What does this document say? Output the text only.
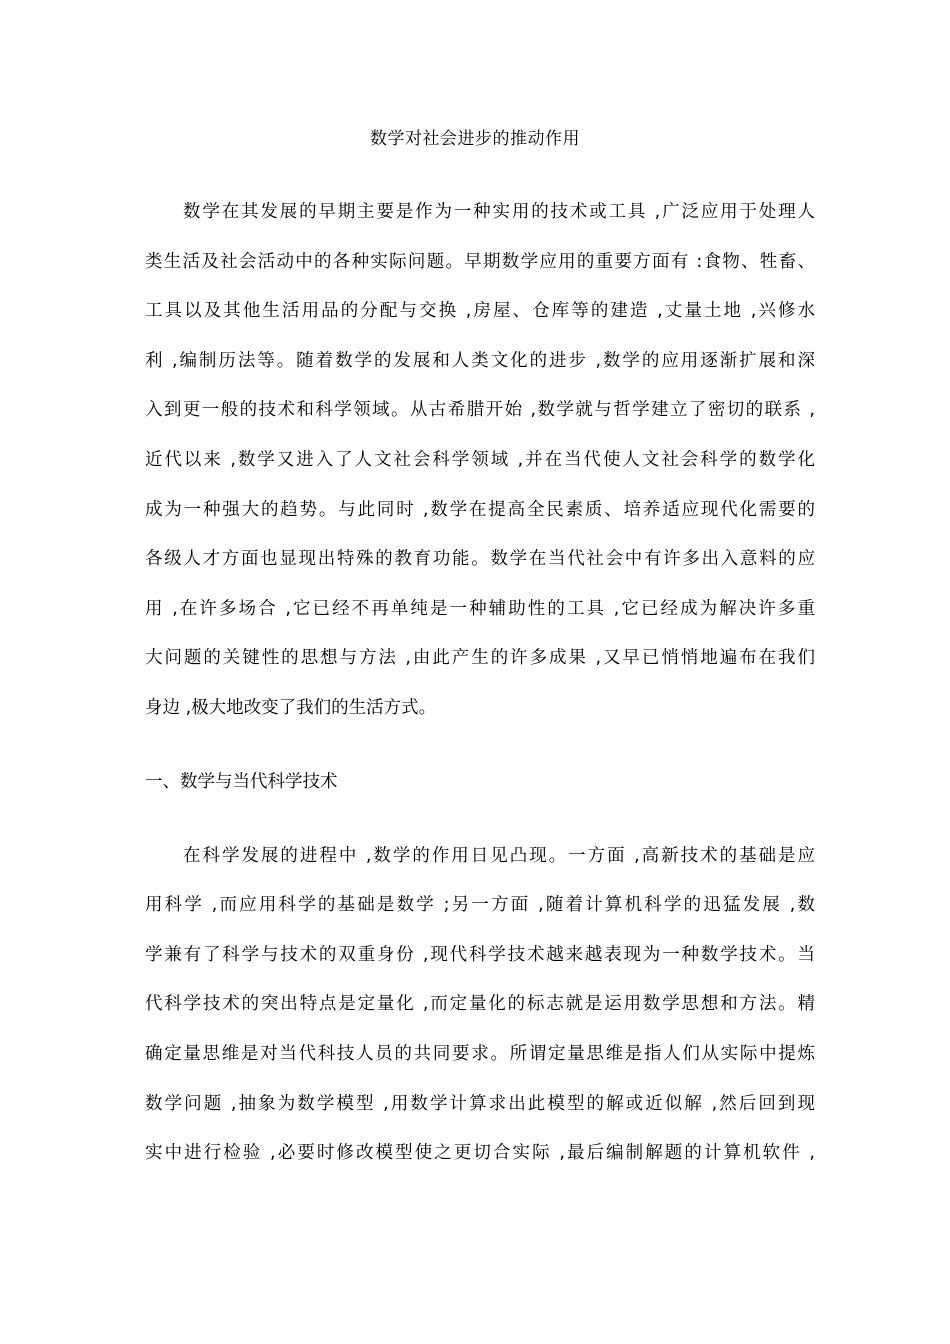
数学对社会进步的推动作用
数学在其发展的早期主要是作为一种实用的技术或工具 ,广泛应用于处理人
类生活及社会活动中的各种实际问题。早期数学应用的重要方面有 :食物、牲畜、
工具以及其他生活用品的分配与交换 ,房屋、仓库等的建造 ,丈量土地 ,兴修水
利 ,编制历法等。随着数学的发展和人类文化的进步 ,数学的应用逐渐扩展和深
入到更一般的技术和科学领域。从古希腊开始 ,数学就与哲学建立了密切的联系 ,
近代以来 ,数学又进入了人文社会科学领域 ,并在当代使人文社会科学的数学化
成为一种强大的趋势。与此同时 ,数学在提高全民素质、培养适应现代化需要的
各级人才方面也显现出特殊的教育功能。数学在当代社会中有许多出入意料的应
用 ,在许多场合 ,它已经不再单纯是一种辅助性的工具 ,它已经成为解决许多重
大问题的关键性的思想与方法 ,由此产生的许多成果 ,又早已悄悄地遍布在我们
身边 ,极大地改变了我们的生活方式。
一、数学与当代科学技术
在科学发展的进程中 ,数学的作用日见凸现。一方面 ,高新技术的基础是应
用科学 ,而应用科学的基础是数学 ;另一方面 ,随着计算机科学的迅猛发展 ,数
学兼有了科学与技术的双重身份 ,现代科学技术越来越表现为一种数学技术。当
代科学技术的突出特点是定量化 ,而定量化的标志就是运用数学思想和方法。精
确定量思维是对当代科技人员的共同要求。所谓定量思维是指人们从实际中提炼
数学问题 ,抽象为数学模型 ,用数学计算求出此模型的解或近似解 ,然后回到现
实中进行检验 ,必要时修改模型使之更切合实际 ,最后编制解题的计算机软件 ,
